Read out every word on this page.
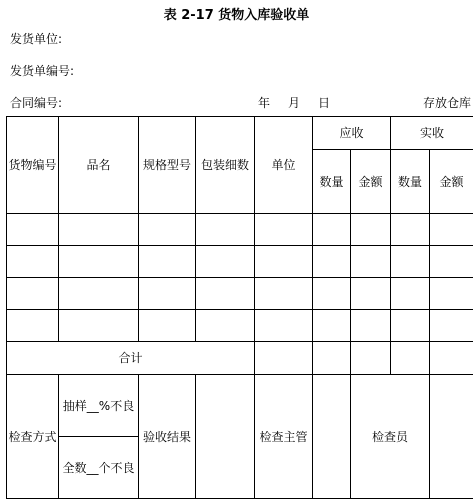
表 2-17 货物入库验收单
发货单位:
发货单编号:
合同编号:	年 月 日	存放仓库
货物编号	品名	规格型号	包装细数	单位	应收		实收	
					数量	金额	数量	金额

合计								
检查方式	抽样__%不良	验收结果		检查主管		检查员		
	全数__个不良							
